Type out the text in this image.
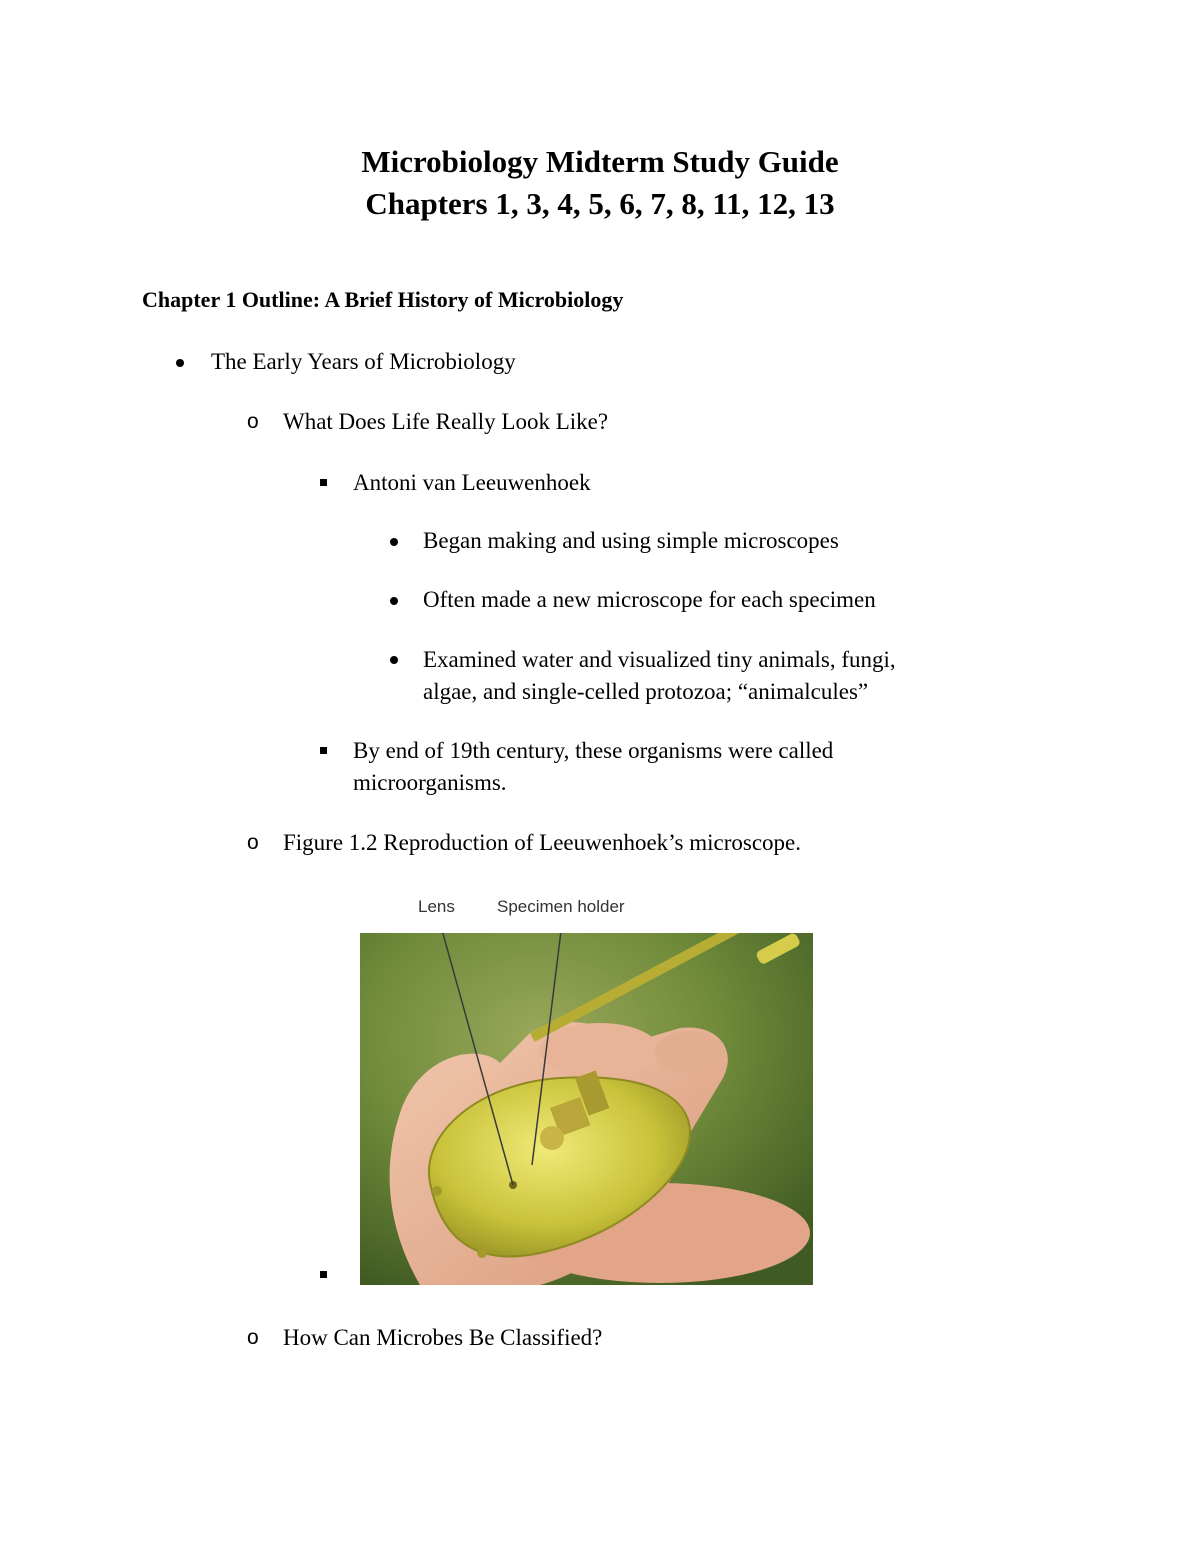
Microbiology Midterm Study Guide
Chapters 1, 3, 4, 5, 6, 7, 8, 11, 12, 13
Chapter 1 Outline: A Brief History of Microbiology
The Early Years of Microbiology
o What Does Life Really Look Like?
Antoni van Leeuwenhoek
Began making and using simple microscopes
Often made a new microscope for each specimen
Examined water and visualized tiny animals, fungi,
algae, and single-celled protozoa; “animalcules”
By end of 19th century, these organisms were called
microorganisms.
o Figure 1.2 Reproduction of Leeuwenhoek’s microscope.
Lens Specimen holder
o How Can Microbes Be Classified?
